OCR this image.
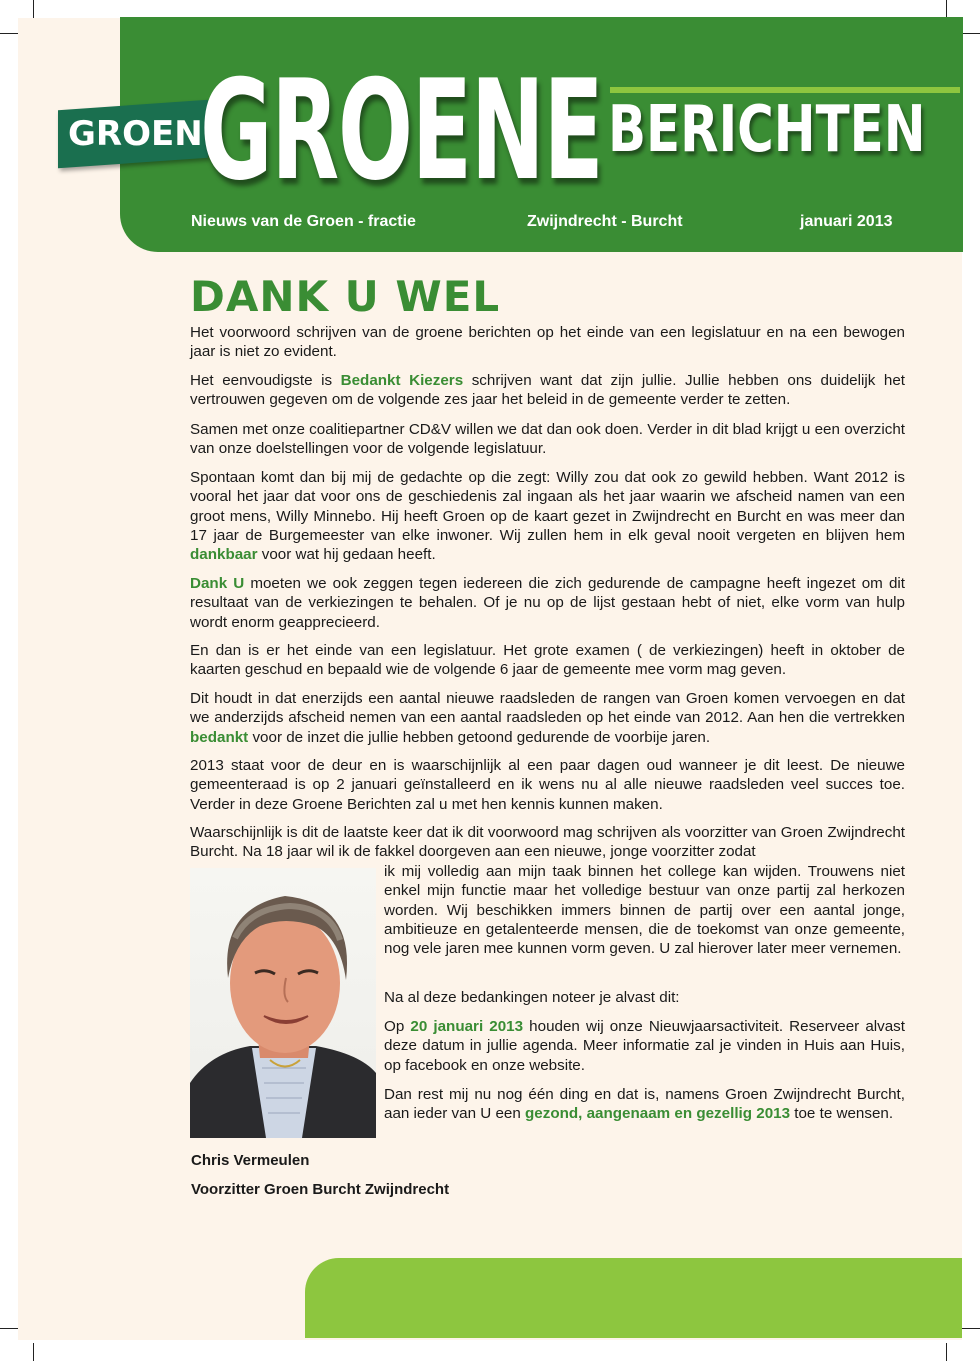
GROEN
GROENE BERICHTEN
Nieuws van de Groen - fractie	Zwijndrecht - Burcht	januari 2013
DANK U WEL

Het voorwoord schrijven van de groene berichten op het einde van een legislatuur en na een bewogen jaar is niet zo evident.

Het eenvoudigste is Bedankt Kiezers schrijven want dat zijn jullie. Jullie hebben ons duidelijk het vertrouwen gegeven om de volgende zes jaar het beleid in de gemeente verder te zetten.

Samen met onze coalitiepartner CD&V willen we dat dan ook doen. Verder in dit blad krijgt u een overzicht van onze doelstellingen voor de volgende legislatuur.

Spontaan komt dan bij mij de gedachte op die zegt: Willy zou dat ook zo gewild hebben. Want 2012 is vooral het jaar dat voor ons de geschiedenis zal ingaan als het jaar waarin we afscheid namen van een groot mens, Willy Minnebo. Hij heeft Groen op de kaart gezet in Zwijndrecht en Burcht en was meer dan 17 jaar de Burgemeester van elke inwoner. Wij zullen hem in elk geval nooit vergeten en blijven hem dankbaar voor wat hij gedaan heeft.

Dank U moeten we ook zeggen tegen iedereen die zich gedurende de campagne heeft ingezet om dit resultaat van de verkiezingen te behalen. Of je nu op de lijst gestaan hebt of niet, elke vorm van hulp wordt enorm geapprecieerd.

En dan is er het einde van een legislatuur. Het grote examen ( de verkiezingen) heeft in oktober de kaarten geschud en bepaald wie de volgende 6 jaar de gemeente mee vorm mag geven.

Dit houdt in dat enerzijds een aantal nieuwe raadsleden de rangen van Groen komen vervoegen en dat we anderzijds afscheid nemen van een aantal raadsleden op het einde van 2012. Aan hen die vertrekken bedankt voor de inzet die jullie hebben getoond gedurende de voorbije jaren.

2013 staat voor de deur en is waarschijnlijk al een paar dagen oud wanneer je dit leest. De nieuwe gemeenteraad is op 2 januari geïnstalleerd en ik wens nu al alle nieuwe raadsleden veel succes toe. Verder in deze Groene Berichten zal u met hen kennis kunnen maken.

Waarschijnlijk is dit de laatste keer dat ik dit voorwoord mag schrijven als voorzitter van Groen Zwijndrecht Burcht. Na 18 jaar wil ik de fakkel doorgeven aan een nieuwe, jonge voorzitter zodat

ik mij volledig aan mijn taak binnen het college kan wijden. Trouwens niet enkel mijn functie maar het volledige bestuur van onze partij zal herkozen worden. Wij beschikken immers binnen de partij over een aantal jonge, ambitieuze en getalenteerde mensen, die de toekomst van onze gemeente, nog vele jaren mee kunnen vorm geven. U zal hierover later meer vernemen.

Na al deze bedankingen noteer je alvast dit:

Op 20 januari 2013 houden wij onze Nieuwjaarsactiviteit. Reserveer alvast deze datum in jullie agenda. Meer informatie zal je vinden in Huis aan Huis, op facebook en onze website.

Dan rest mij nu nog één ding en dat is, namens Groen Zwijndrecht Burcht, aan ieder van U een gezond, aangenaam en gezellig 2013 toe te wensen.

Chris Vermeulen
Voorzitter Groen Burcht Zwijndrecht
